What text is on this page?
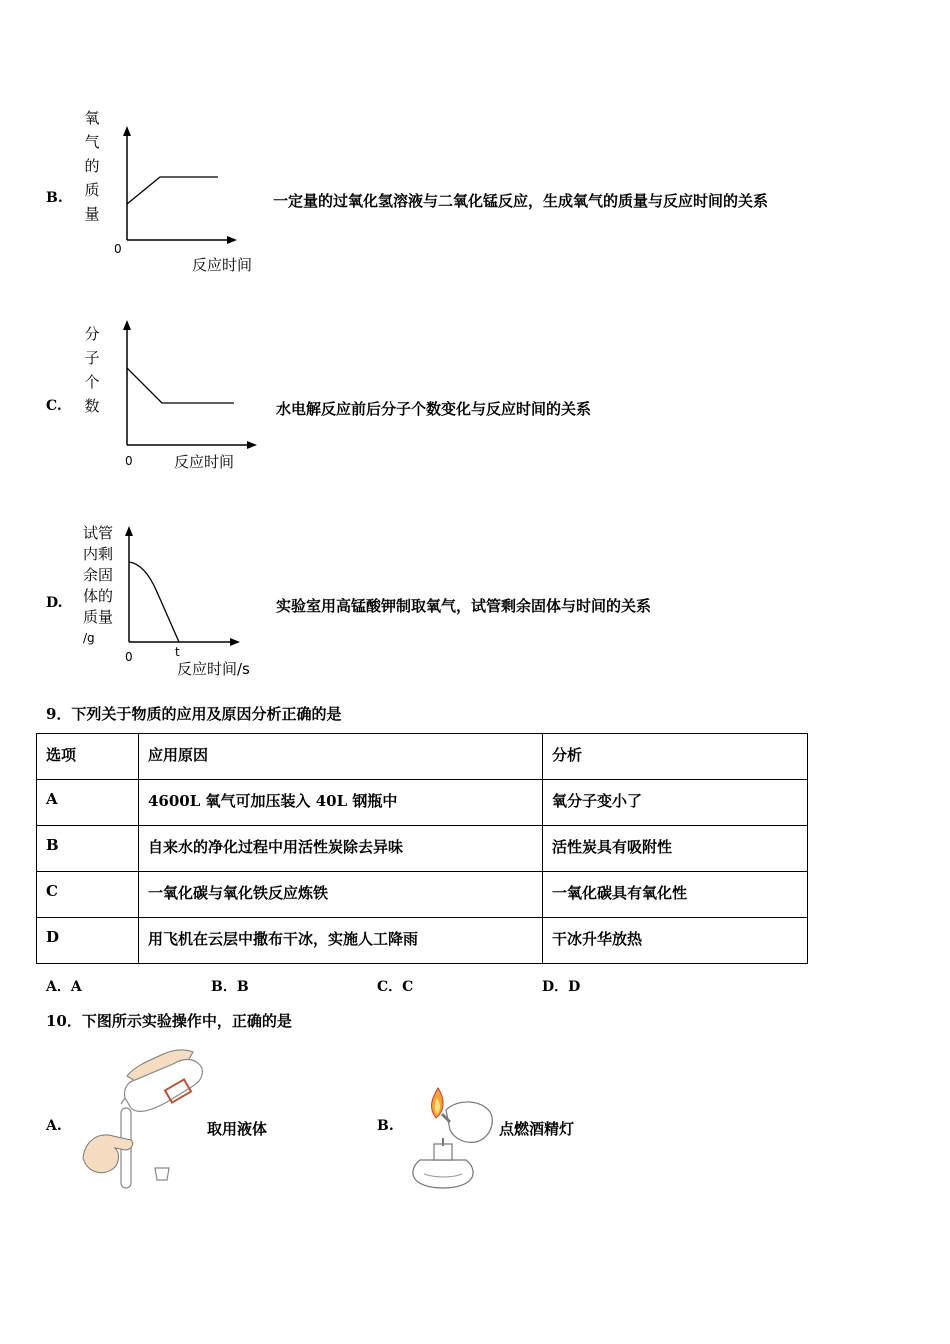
B.
氧
气
的
质
量
0
反应时间
一定量的过氧化氢溶液与二氧化锰反应，生成氧气的质量与反应时间的关系
C.
分
子
个
数
0	反应时间
水电解反应前后分子个数变化与反应时间的关系
D.
试管
内剩
余固
体的
质量
/g
t
0
反应时间/s
实验室用高锰酸钾制取氧气，试管剩余固体与时间的关系
9．下列关于物质的应用及原因分析正确的是
选项	应用原因	分析
A	4600L 氧气可加压装入 40L 钢瓶中	氧分子变小了
B	自来水的净化过程中用活性炭除去异味	活性炭具有吸附性
C	一氧化碳与氧化铁反应炼铁	一氧化碳具有氧化性
D	用飞机在云层中撒布干冰，实施人工降雨	干冰升华放热
A．A	B．B	C．C	D．D
10．下图所示实验操作中，正确的是
A.	取用液体	B.	点燃酒精灯
